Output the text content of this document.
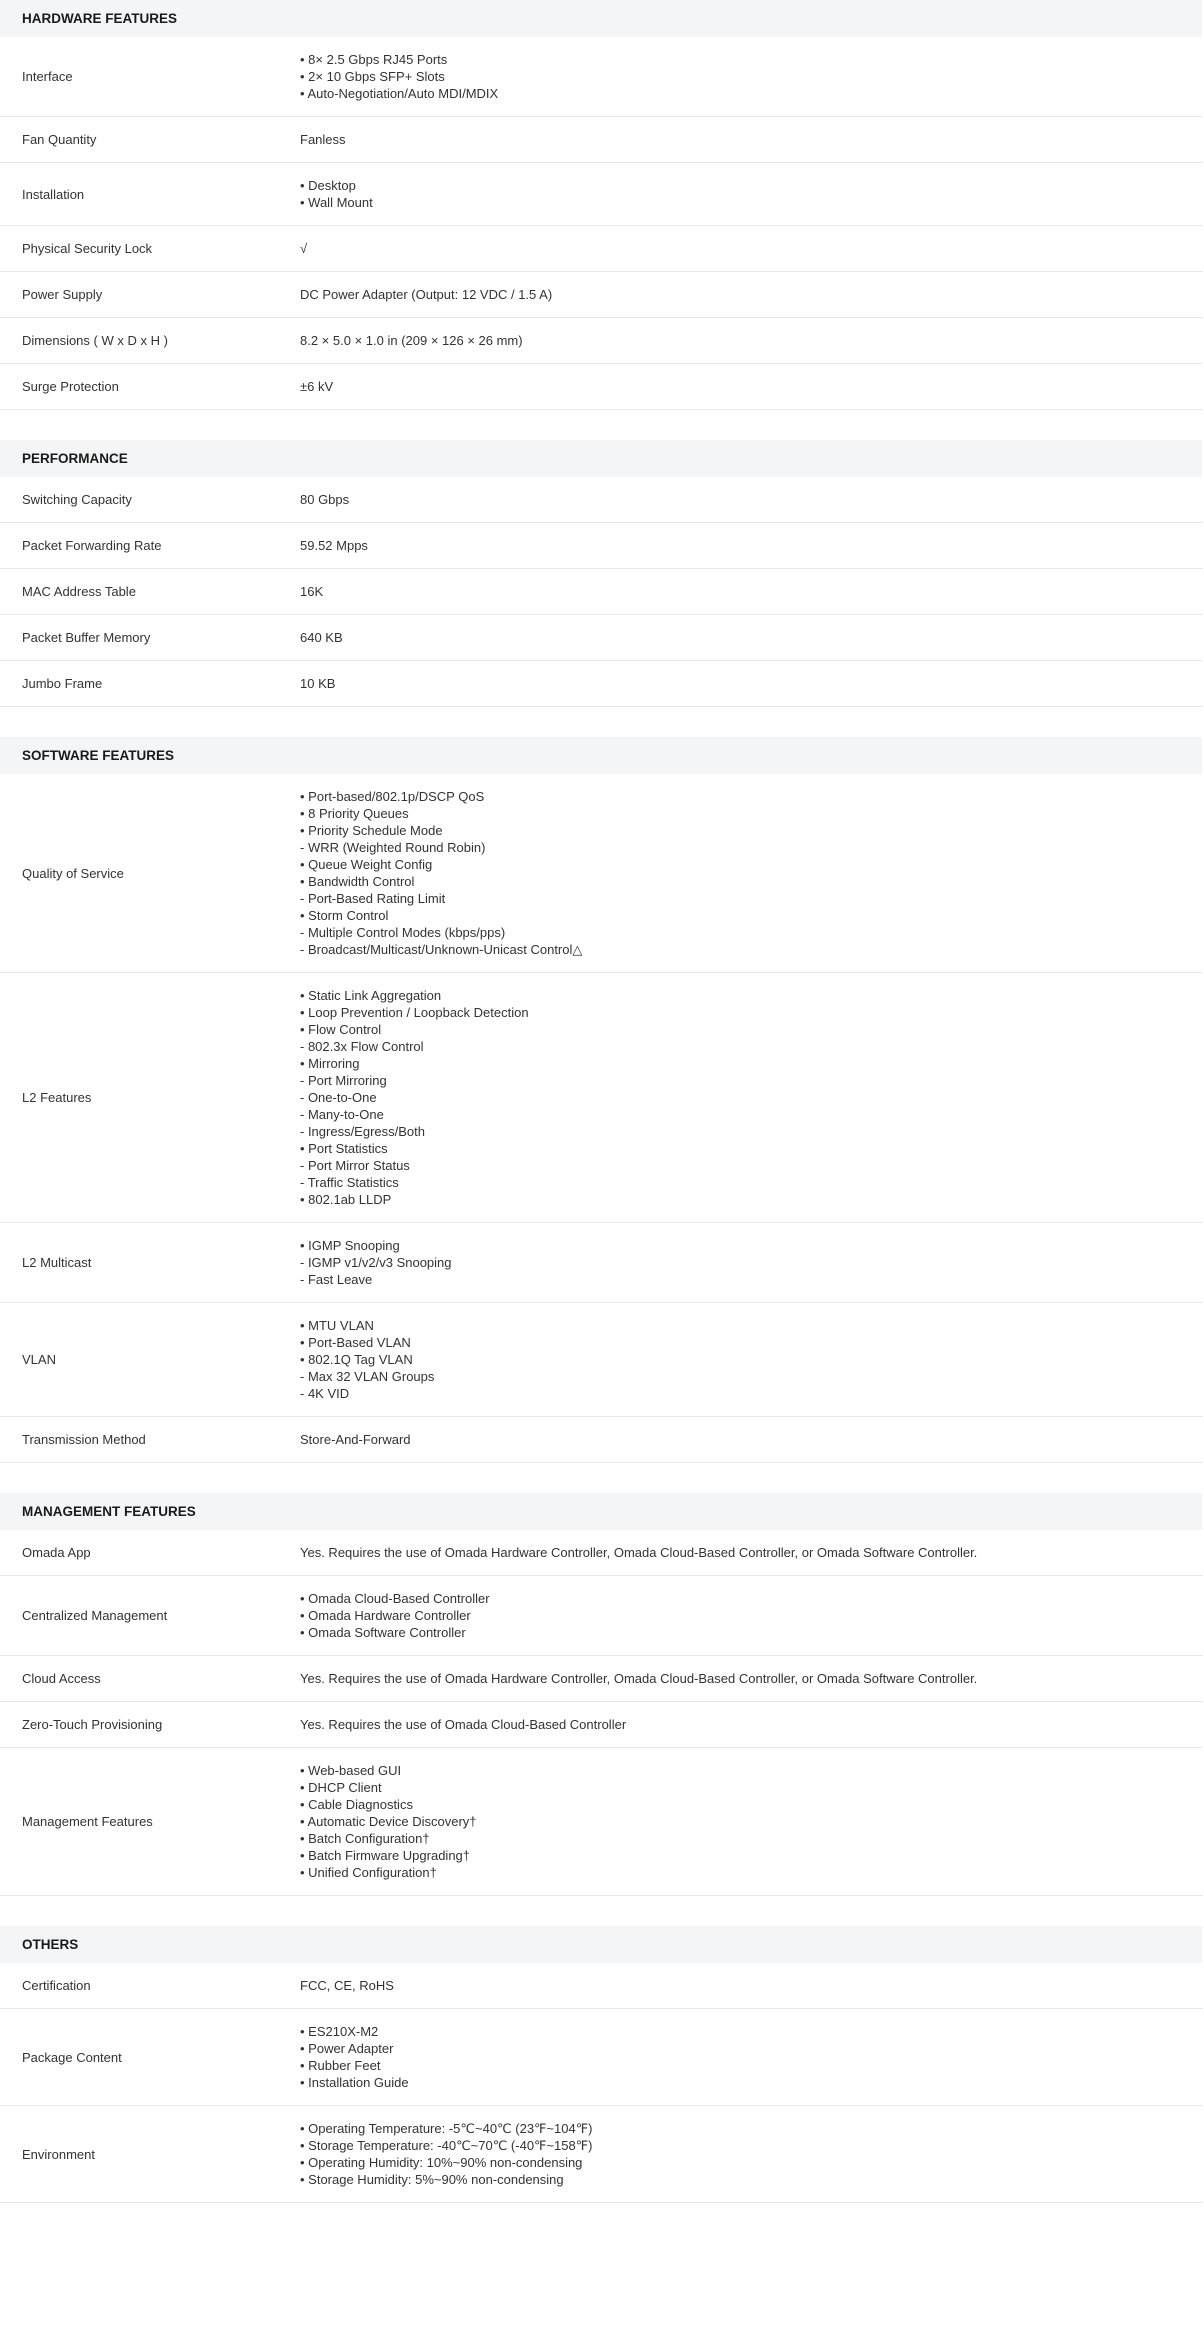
HARDWARE FEATURES
Interface
• 8× 2.5 Gbps RJ45 Ports
• 2× 10 Gbps SFP+ Slots
• Auto-Negotiation/Auto MDI/MDIX
Fan Quantity	Fanless
Installation
• Desktop
• Wall Mount
Physical Security Lock	√
Power Supply	DC Power Adapter (Output: 12 VDC / 1.5 A)
Dimensions ( W x D x H )	8.2 × 5.0 × 1.0 in (209 × 126 × 26 mm)
Surge Protection	±6 kV
PERFORMANCE
Switching Capacity	80 Gbps
Packet Forwarding Rate	59.52 Mpps
MAC Address Table	16K
Packet Buffer Memory	640 KB
Jumbo Frame	10 KB
SOFTWARE FEATURES
Quality of Service
• Port-based/802.1p/DSCP QoS
• 8 Priority Queues
• Priority Schedule Mode
- WRR (Weighted Round Robin)
• Queue Weight Config
• Bandwidth Control
- Port-Based Rating Limit
• Storm Control
- Multiple Control Modes (kbps/pps)
- Broadcast/Multicast/Unknown-Unicast Control△
L2 Features
• Static Link Aggregation
• Loop Prevention / Loopback Detection
• Flow Control
- 802.3x Flow Control
• Mirroring
- Port Mirroring
- One-to-One
- Many-to-One
- Ingress/Egress/Both
• Port Statistics
- Port Mirror Status
- Traffic Statistics
• 802.1ab LLDP
L2 Multicast
• IGMP Snooping
- IGMP v1/v2/v3 Snooping
- Fast Leave
VLAN
• MTU VLAN
• Port-Based VLAN
• 802.1Q Tag VLAN
- Max 32 VLAN Groups
- 4K VID
Transmission Method	Store-And-Forward
MANAGEMENT FEATURES
Omada App	Yes. Requires the use of Omada Hardware Controller, Omada Cloud-Based Controller, or Omada Software Controller.
Centralized Management
• Omada Cloud-Based Controller
• Omada Hardware Controller
• Omada Software Controller
Cloud Access	Yes. Requires the use of Omada Hardware Controller, Omada Cloud-Based Controller, or Omada Software Controller.
Zero-Touch Provisioning	Yes. Requires the use of Omada Cloud-Based Controller
Management Features
• Web-based GUI
• DHCP Client
• Cable Diagnostics
• Automatic Device Discovery†
• Batch Configuration†
• Batch Firmware Upgrading†
• Unified Configuration†
OTHERS
Certification	FCC, CE, RoHS
Package Content
• ES210X-M2
• Power Adapter
• Rubber Feet
• Installation Guide
Environment
• Operating Temperature: -5℃~40℃ (23℉~104℉)
• Storage Temperature: -40℃~70℃ (-40℉~158℉)
• Operating Humidity: 10%~90% non-condensing
• Storage Humidity: 5%~90% non-condensing
